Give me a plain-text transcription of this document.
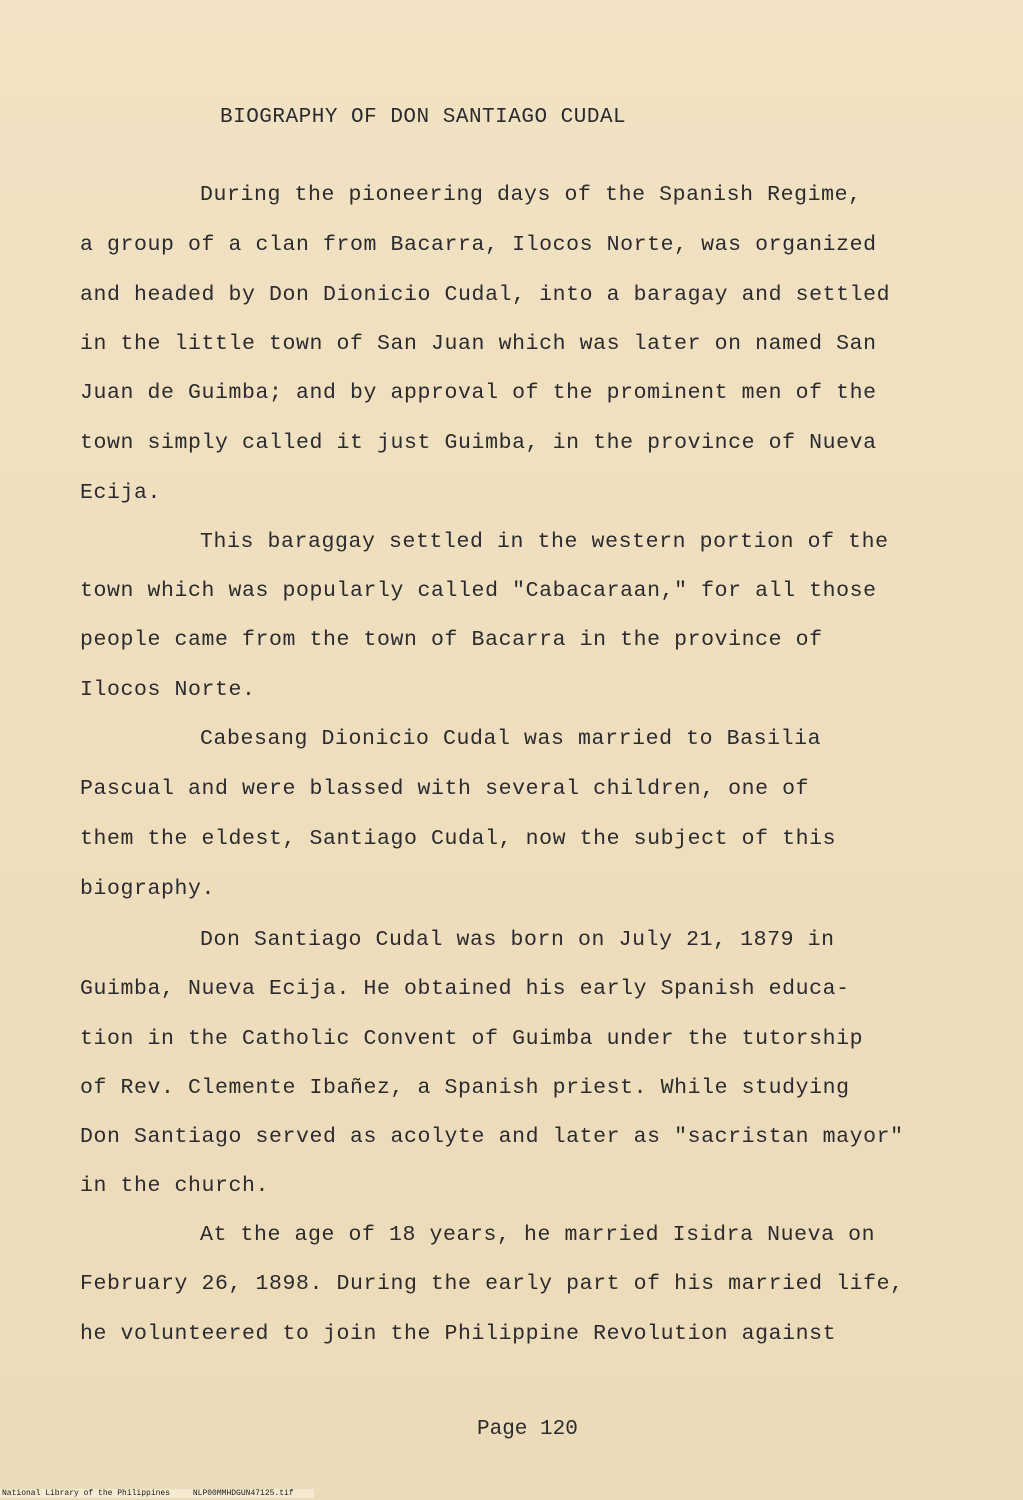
BIOGRAPHY OF DON SANTIAGO CUDAL
During the pioneering days of the Spanish Regime,
a group of a clan from Bacarra, Ilocos Norte, was organized
and headed by Don Dionicio Cudal, into a baragay and settled
in the little town of San Juan which was later on named San
Juan de Guimba; and by approval of the prominent men of the
town simply called it just Guimba, in the province of Nueva
Ecija.
This baraggay settled in the western portion of the
town which was popularly called "Cabacaraan," for all those
people came from the town of Bacarra in the province of
Ilocos Norte.
Cabesang Dionicio Cudal was married to Basilia
Pascual and were blassed with several children, one of
them the eldest, Santiago Cudal, now the subject of this
biography.
Don Santiago Cudal was born on July 21, 1879 in
Guimba, Nueva Ecija. He obtained his early Spanish educa-
tion in the Catholic Convent of Guimba under the tutorship
of Rev. Clemente Ibañez, a Spanish priest. While studying
Don Santiago served as acolyte and later as "sacristan mayor"
in the church.
At the age of 18 years, he married Isidra Nueva on
February 26, 1898. During the early part of his married life,
he volunteered to join the Philippine Revolution against
Page 120
National Library of the Philippines	NLP00MMHDGUN47125.tif
